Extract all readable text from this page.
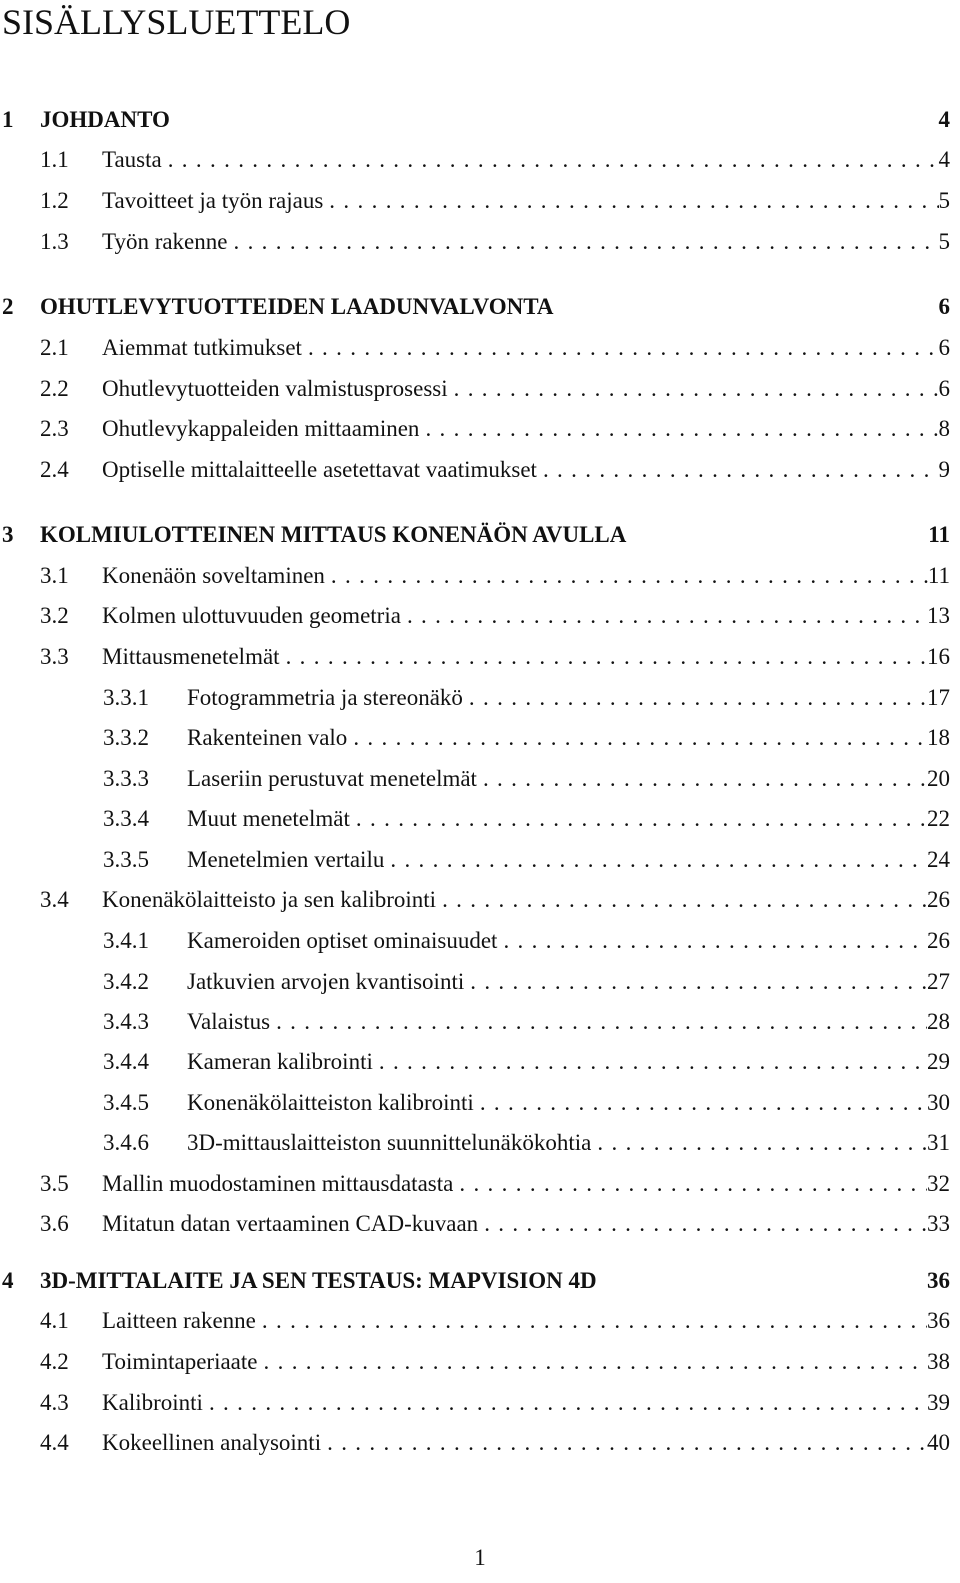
SISÄLLYSLUETTELO
1	JOHDANTO	4
1.1	Tausta . . .	4
1.2	Tavoitteet ja työn rajaus . . .	5
1.3	Työn rakenne . . .	5
2	OHUTLEVYTUOTTEIDEN LAADUNVALVONTA	6
2.1	Aiemmat tutkimukset . . .	6
2.2	Ohutlevytuotteiden valmistusprosessi . . .	6
2.3	Ohutlevykappaleiden mittaaminen . . .	8
2.4	Optiselle mittalaitteelle asetettavat vaatimukset . . .	9
3	KOLMIULOTTEINEN MITTAUS KONENÄÖN AVULLA	11
3.1	Konenäön soveltaminen . . .	11
3.2	Kolmen ulottuvuuden geometria . . .	13
3.3	Mittausmenetelmät . . .	16
3.3.1	Fotogrammetria ja stereonäkö . . .	17
3.3.2	Rakenteinen valo . . .	18
3.3.3	Laseriin perustuvat menetelmät . . .	20
3.3.4	Muut menetelmät . . .	22
3.3.5	Menetelmien vertailu . . .	24
3.4	Konenäkölaitteisto ja sen kalibrointi . . .	26
3.4.1	Kameroiden optiset ominaisuudet . . .	26
3.4.2	Jatkuvien arvojen kvantisointi . . .	27
3.4.3	Valaistus . . .	28
3.4.4	Kameran kalibrointi . . .	29
3.4.5	Konenäkölaitteiston kalibrointi . . .	30
3.4.6	3D-mittauslaitteiston suunnittelunäkökohtia . . .	31
3.5	Mallin muodostaminen mittausdatasta . . .	32
3.6	Mitatun datan vertaaminen CAD-kuvaan . . .	33
4	3D-MITTALAITE JA SEN TESTAUS: MAPVISION 4D	36
4.1	Laitteen rakenne . . .	36
4.2	Toimintaperiaate . . .	38
4.3	Kalibrointi . . .	39
4.4	Kokeellinen analysointi . . .	40
1
